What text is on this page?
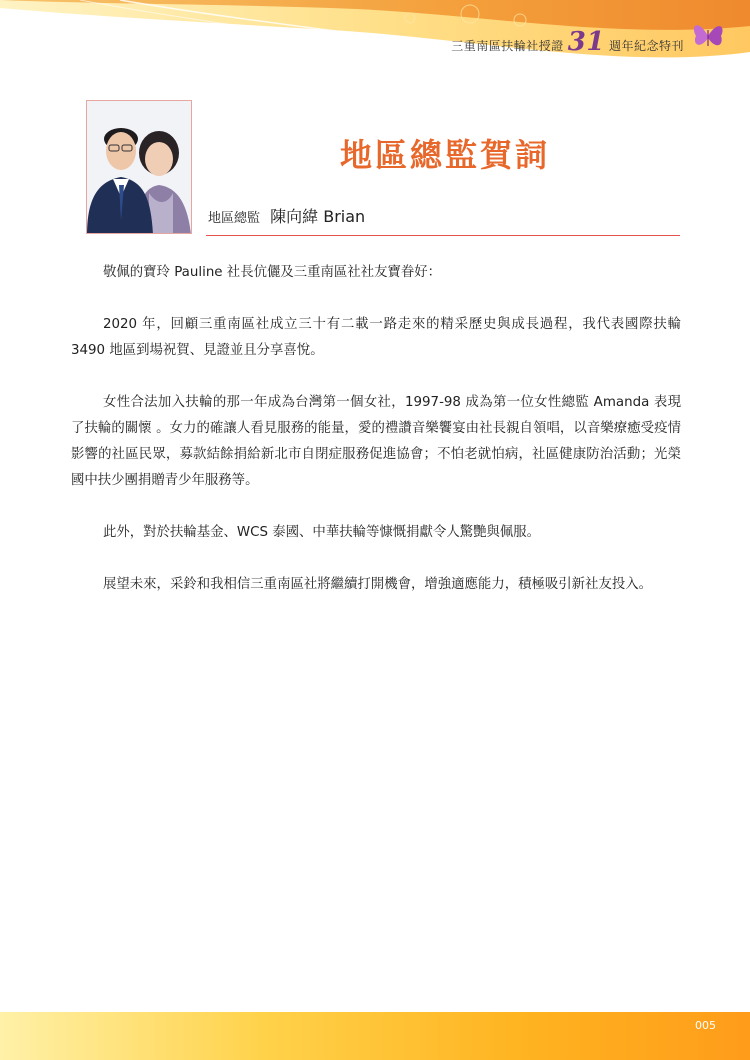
三重南區扶輪社授證 31 週年紀念特刊
地區總監賀詞
地區總監 陳向緯 Brian

敬佩的寶玲 Pauline 社長伉儷及三重南區社社友寶眷好：

2020 年，回顧三重南區社成立三十有二載一路走來的精采歷史與成長過程，我代表國際扶輪 3490 地區到場祝賀、見證並且分享喜悅。

女性合法加入扶輪的那一年成為台灣第一個女社，1997-98 成為第一位女性總監 Amanda 表現了扶輪的關懷 。女力的確讓人看見服務的能量，愛的禮讚音樂饗宴由社長親自領唱，以音樂療癒受疫情影響的社區民眾，募款結餘捐給新北市自閉症服務促進協會；不怕老就怕病，社區健康防治活動；光榮國中扶少團捐贈青少年服務等。

此外，對於扶輪基金、WCS 泰國、中華扶輪等慷慨捐獻令人驚艷與佩服。

展望未來，采鈴和我相信三重南區社將繼續打開機會，增強適應能力，積極吸引新社友投入。

005
